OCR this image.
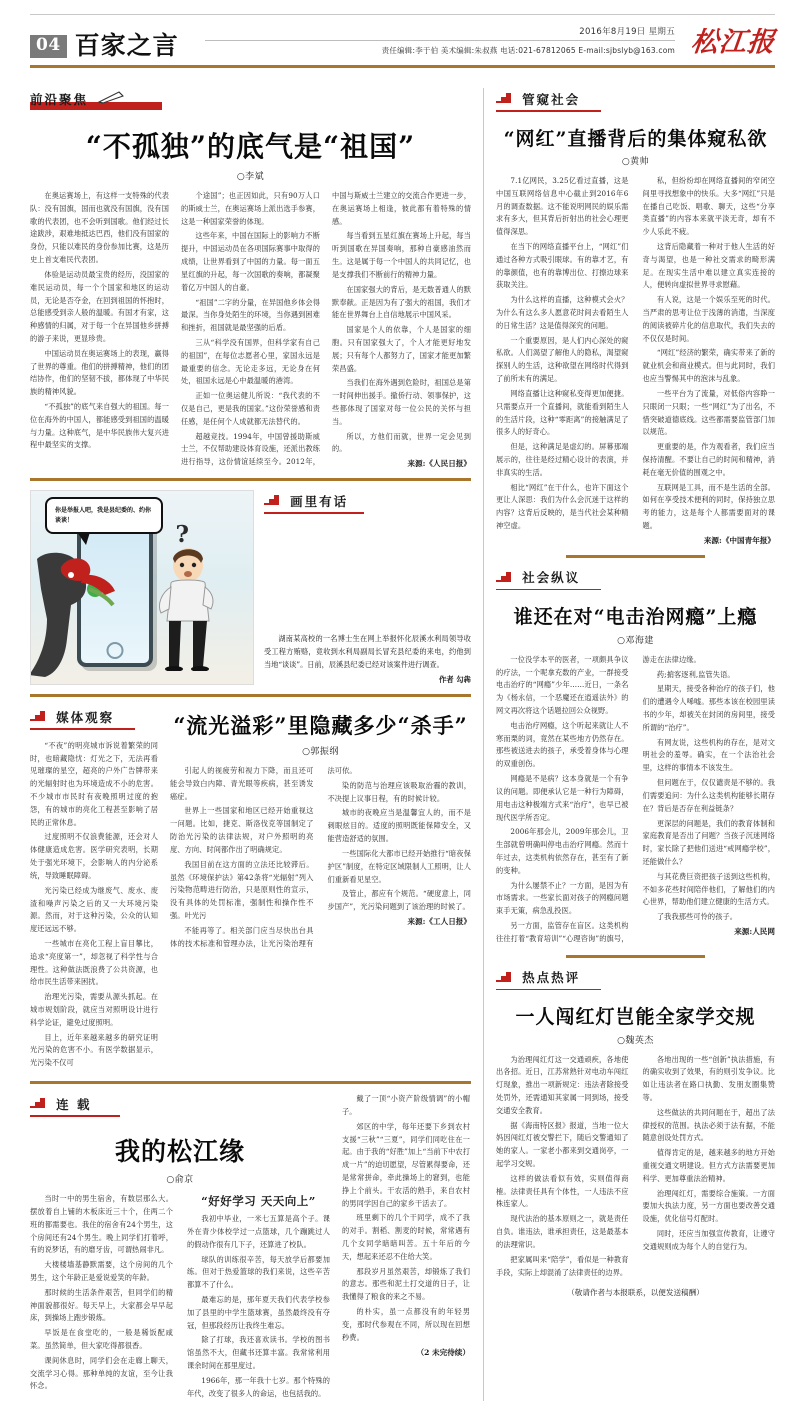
04 百家之言	2016年8月19日 星期五
责任编辑:李于伯 美术编辑:朱叔燕 电话:021-67812065 E-mail:sjbslyb@163.com 松江报
前沿聚焦
“不孤独”的底气是“祖国”
○李斌

在奥运赛场上，有这样一支特殊的代表队：没有国旗，国而也就没有国旗，没有国歌的代表团，也不会听到国歌。他们经过长途跋涉，艰难地抵达巴西，他们没有国家的身份，只能以难民的身份参加比赛，这是历史上首支难民代表团。

体验是运动员最宝贵的经历，没国家的难民运动员，每一个个国家和地区的运动员，无论是否夺金，在回到祖国的怀抱时，总能感受到亲人般的温暖。有国才有家，这种感情的归属，对于每一个在异国他乡拼搏的游子来说，更显珍贵。

中国运动员在奥运赛场上的表现，赢得了世界的尊重。他们的拼搏精神，他们的团结协作，他们的坚韧不拔，都体现了中华民族的精神风貌。

“不孤独”的底气来自强大的祖国。每一位在海外的中国人，都能感受到祖国的温暖与力量。这种底气，是中华民族伟大复兴进程中最坚实的支撑。

个途国”；也正因如此，只有90万人口的斯威士兰，在奥运赛场上派出选手参赛，这是一种国家荣誉的体现。

这些年来，中国在国际上的影响力不断提升，中国运动员在各项国际赛事中取得的成绩，让世界看到了中国的力量。每一面五星红旗的升起，每一次国歌的奏响，都凝聚着亿万中国人的自豪。

“祖国”二字的分量，在异国他乡体会得最深。当你身处陌生的环境，当你遇到困难和挫折，祖国就是最坚强的后盾。

三从“科学没有国界，但科学家有自己的祖国”，在每位志愿者心里，家国永远是最重要的信念。无论走多远，无论身在何处，祖国永远是心中最温暖的港湾。

正如一位奥运健儿所说：“我代表的不仅是自己，更是我的国家。”这份荣誉感和责任感，是任何个人成就都无法替代的。

超越竞技。1994年，中国曾援助斯威士兰，不仅帮助建设体育设施，还派出教练进行指导，这份情谊延续至今。2012年，中国与斯威士兰建立的交流合作更进一步，在奥运赛场上相逢，彼此都有着特殊的情感。

每当看到五星红旗在赛场上升起，每当听到国歌在异国奏响，那种自豪感油然而生。这是属于每一个中国人的共同记忆，也是支撑我们不断前行的精神力量。

在国家强大的背后，是无数普通人的默默奉献。正是因为有了强大的祖国，我们才能在世界舞台上自信地展示中国风采。

国家是个人的依靠，个人是国家的细胞。只有国家强大了，个人才能更好地发展；只有每个人都努力了，国家才能更加繁荣昌盛。

当我们在海外遇到危险时，祖国总是第一时间伸出援手。撤侨行动、领事保护，这些都体现了国家对每一位公民的关怀与担当。

所以，方他们而就，世界一定会见到的。

来源:《人民日报》
?
你是举报人吧，我是县纪委的、约你谈谈！
画里有话
湖南某高校的一名博士生在网上举报怀化辰溪水利局领导收受工程方贿赂，竟收到水利局副局长冒充县纪委的来电，约他到当地“谈谈”。日前，辰溪县纪委已经对该案件进行调查。
作者 勾犇
媒体观察

“不夜”的明亮城市诉说着繁荣的同时，也暗藏隐忧：灯光之下，无法再看见璀璨的星空，超亮的户外广告牌带来的光辐射时也为环境造成不小的危害。不少城市市民时有夜晚照明过度的抱怨，有的城市的亮化工程甚至影响了居民的正常休息。

过度照明不仅浪费能源，还会对人体健康造成危害。医学研究表明，长期处于强光环境下，会影响人的内分泌系统，导致睡眠障碍。

光污染已经成为继废气、废水、废渣和噪声污染之后的又一大环境污染源。然而，对于这种污染，公众的认知度还远远不够。

一些城市在亮化工程上盲目攀比，追求“亮度第一”，却忽视了科学性与合理性。这种做法既浪费了公共资源，也给市民生活带来困扰。

治理光污染，需要从源头抓起。在城市规划阶段，就应当对照明设计进行科学论证，避免过度照明。

目上，近年来越来越多的研究证明光污染的危害不小。有医学数据显示，光污染不仅可

“流光溢彩”里隐藏多少“杀手”
○郭振纲

引起人的视疲劳和视力下降，而且还可能会导致白内障、青光眼等疾病，甚至诱发癌症。

世界上一些国家和地区已经开始重视这一问题。比如，捷克、斯洛伐克等国制定了防治光污染的法律法规，对户外照明的亮度、方向、时间都作出了明确规定。

我国目前在这方面的立法还比较滞后。虽然《环境保护法》第42条将“光辐射”列入污染物范畴进行防治，只是原则性的宣示，没有具体的处罚标准，强制性和操作性不强。叶光污

不能再等了。相关部门应当尽快出台具体的技术标准和管理办法，让光污染治理有法可依。

染的防范与治理应该吸取治霾的教训，不决提上议事日程，有的时候计较。

城市的夜晚应当是温馨宜人的，而不是刺眼炫目的。适度的照明既能保障安全，又能营造舒适的氛围。

一些国际化大都市已经开始推行“暗夜保护区”制度，在特定区域限制人工照明，让人们重新看见星空。

及管止，都应有个规范。“硬度意上，同步国产”，光污染问题到了该治理的时候了。

来源:《工人日报》
连 载
我的松江缘
○俞京

当时一中的男生宿舍，有数层那么大。摆放着自上铺的木板床近三十个，住两二个班的都需要也。我住的宿舍有24个男生，这个房间还有24个男生。晚上同学们打着呼，有的说梦话，有的磨牙齿，可谓热闹非凡。

大楼楼墙基静默需要，这个房间的几个男生，这个年龄正是爱说爱笑的年龄。

那时候的生活条件艰苦，但同学们的精神面貌都很好。每天早上，大家都会早早起床，到操场上跑步锻炼。

早饭是在食堂吃的，一般是稀饭配咸菜。虽然简单，但大家吃得都很香。

课间休息时，同学们会在走廊上聊天，交流学习心得。那种单纯的友谊，至今让我怀念。

“好好学习 天天向上”

我初中毕业，一米七五算是高个子。课外在青少体校学过一点篮球，几个蹦跳过人的假动作很有几下子，还算进了校队。

球队的训练很辛苦，每天放学后都要加练。但对于热爱篮球的我们来说，这些辛苦都算不了什么。

最难忘的是，那年夏天我们代表学校参加了县里的中学生篮球赛，虽然最终没有夺冠，但那段经历让我终生难忘。

除了打球，我还喜欢读书。学校的图书馆虽然不大，但藏书还算丰富。我常常利用课余时间在那里度过。

1966年，那一年我十七岁。那个特殊的年代，改变了很多人的命运，也包括我的。

戴了一顶“小资产阶级情调”的小帽子。

郊区的中学，每年还要下乡到农村支援“三秋”“三夏”，同学们同吃住在一起。由于我的“好胜”加上“当前下中农打成一片”的迫切愿望，尽管累得要命，还是常常拼命，牵此操场上的窘到，也能挣上个前头。干农活的熟手，来自农村的男同学因自己的家乡干活去了。

班里剩下的几个干同学，成不了我的对手。割稻、割麦的时候，常常遇有几个女同学暗暗叫苦。五十年后的今天，想起来还忍不住给大笑。

那段岁月虽然艰苦，却锻炼了我们的意志。那些和泥土打交道的日子，让我懂得了粮食的来之不易。

的朴实，虽一点都没有的年轻男变，那时代参观在不同，所以现在回想秒费。

（2 未完待续）
管窥社会
“网红”直播背后的集体窥私欲
○黄帅

7.1亿网民，3.25亿看过直播，这是中国互联网络信息中心截止到2016年6月的调查数据。这不能说明网民的娱乐需求有多大，但其背后折射出的社会心理更值得深思。

在当下的网络直播平台上，“网红”们通过各种方式吸引眼球。有的靠才艺，有的靠颜值，也有的靠博出位、打擦边球来获取关注。

为什么这样的直播，这种模式会火？为什么有这么多人愿意花时间去看陌生人的日常生活？这是值得深究的问题。

一个重要原因，是人们内心深处的窥私欲。人们渴望了解他人的隐私，渴望窥探别人的生活，这种欲望在网络时代得到了前所未有的满足。

网络直播让这种窥私变得更加便捷。只需要点开一个直播间，就能看到陌生人的生活片段，这种“零距离”的接触满足了很多人的好奇心。

但是，这种满足是虚幻的。屏幕那端展示的，往往是经过精心设计的表演，并非真实的生活。

相比“网红”在干什么，也许下面这个更让人深思：我们为什么会沉迷于这样的内容？这背后反映的，是当代社会某种精神空虚。

私，但纷纷却在网络直播间的窄闭空间里寻找想象中的快乐。大多“网红”只是在播自己吃饭、唱歌、聊天，这些“分享类直播”的内容本来就平淡无奇，却有不少人乐此不疲。

这背后隐藏着一种对于他人生活的好奇与渴望，也是一种社交需求的畸形满足。在现实生活中难以建立真实连接的人，便转向虚拟世界寻求慰藉。

有人说，这是一个娱乐至死的时代。当严肃的思考让位于浅薄的消遣，当深度的阅读被碎片化的信息取代，我们失去的不仅仅是时间。

“网红”经济的繁荣，确实带来了新的就业机会和商业模式。但与此同时，我们也应当警惕其中的泡沫与乱象。

一些平台为了流量，对低俗内容睁一只眼闭一只眼；一些“网红”为了出名，不惜突破道德底线。这些都需要监管部门加以规范。

更重要的是，作为观看者，我们应当保持清醒。不要让自己的时间和精神，消耗在毫无价值的围观之中。

互联网是工具，而不是生活的全部。如何在享受技术便利的同时，保持独立思考的能力，这是每个人都需要面对的课题。

来源:《中国青年报》
社会纵议
谁还在对“电击治网瘾”上瘾
○邓海建

一位没学本平的医者，一项颇具争议的疗法，一个呢拿充数的产业，一群接受电击治疗的“网瘾”少年……近日，一条名为《杨永信，一个恶魔还在逍遥法外》的网文再次将这个话题拉回公众视野。

电击治疗网瘾，这个听起来就让人不寒而栗的词，竟然在某些地方仍然存在。那些被送进去的孩子，承受着身体与心理的双重创伤。

网瘾是不是病？这本身就是一个有争议的问题。即便承认它是一种行为障碍，用电击这种极端方式来“治疗”，也早已被现代医学所否定。

2006年那会儿，2009年那会儿，卫生部就曾明确叫停电击治疗网瘾。然而十年过去，这类机构依然存在，甚至有了新的变种。

为什么屡禁不止？一方面，是因为有市场需求。一些家长面对孩子的网瘾问题束手无策，病急乱投医。

另一方面，监管存在盲区。这类机构往往打着“教育培训”“心理咨询”的旗号，游走在法律边缘。

药;掮客逐利,监管失语。

星期天，接受各种治疗的孩子们，他们的遭遇令人唏嘘。那些本该在校园里读书的少年，却被关在封闭的房间里，接受所谓的“治疗”。

有网友说，这些机构的存在，是对文明社会的羞辱。确实，在一个法治社会里，这样的事情本不该发生。

但问题在于，仅仅谴责是不够的。我们需要追问：为什么这类机构能够长期存在？背后是否存在利益链条？

更深层的问题是，我们的教育体制和家庭教育是否出了问题？当孩子沉迷网络时，家长除了把他们送进“戒网瘾学校”，还能做什么？

与其花费巨资把孩子送到这些机构，不如多花些时间陪伴他们，了解他们的内心世界，帮助他们建立健康的生活方式。

了我我那些可怜的孩子。

来源:人民网
热点热评
一人闯红灯岂能全家学交规
○魏英杰

为治理闯红灯这一交通顽疾，各地使出各招。近日，江苏常熟针对电动车闯红灯现象，推出一项新规定：违法者除接受处罚外，还需通知其家属一同到场，接受交通安全教育。

据《海南特区报》报道，当地一位大妈因闯红灯被交警拦下，随后交警通知了她的家人。一家老小都来到交通岗亭，一起学习交规。

这样的做法看似有效，实则值得商榷。法律责任具有个体性，一人违法不应株连家人。

现代法治的基本原则之一，就是责任自负。谁违法，谁承担责任，这是最基本的法理常识。

把家属叫来“陪学”，看似是一种教育手段，实际上却混淆了法律责任的边界。

各地出现的一些“创新”执法措施，有的确实收到了效果，有的则引发争议。比如让违法者在路口执勤、发朋友圈集赞等。

这些做法的共同问题在于，超出了法律授权的范围。执法必须于法有据，不能随意创设处罚方式。

值得肯定的是，越来越多的地方开始重视交通文明建设。但方式方法需要更加科学、更加尊重法治精神。

治理闯红灯，需要综合施策。一方面要加大执法力度，另一方面也要改善交通设施，优化信号灯配时。

同时，还应当加强宣传教育，让遵守交通规则成为每个人的自觉行为。

（敬请作者与本报联系，以便发送稿酬）
